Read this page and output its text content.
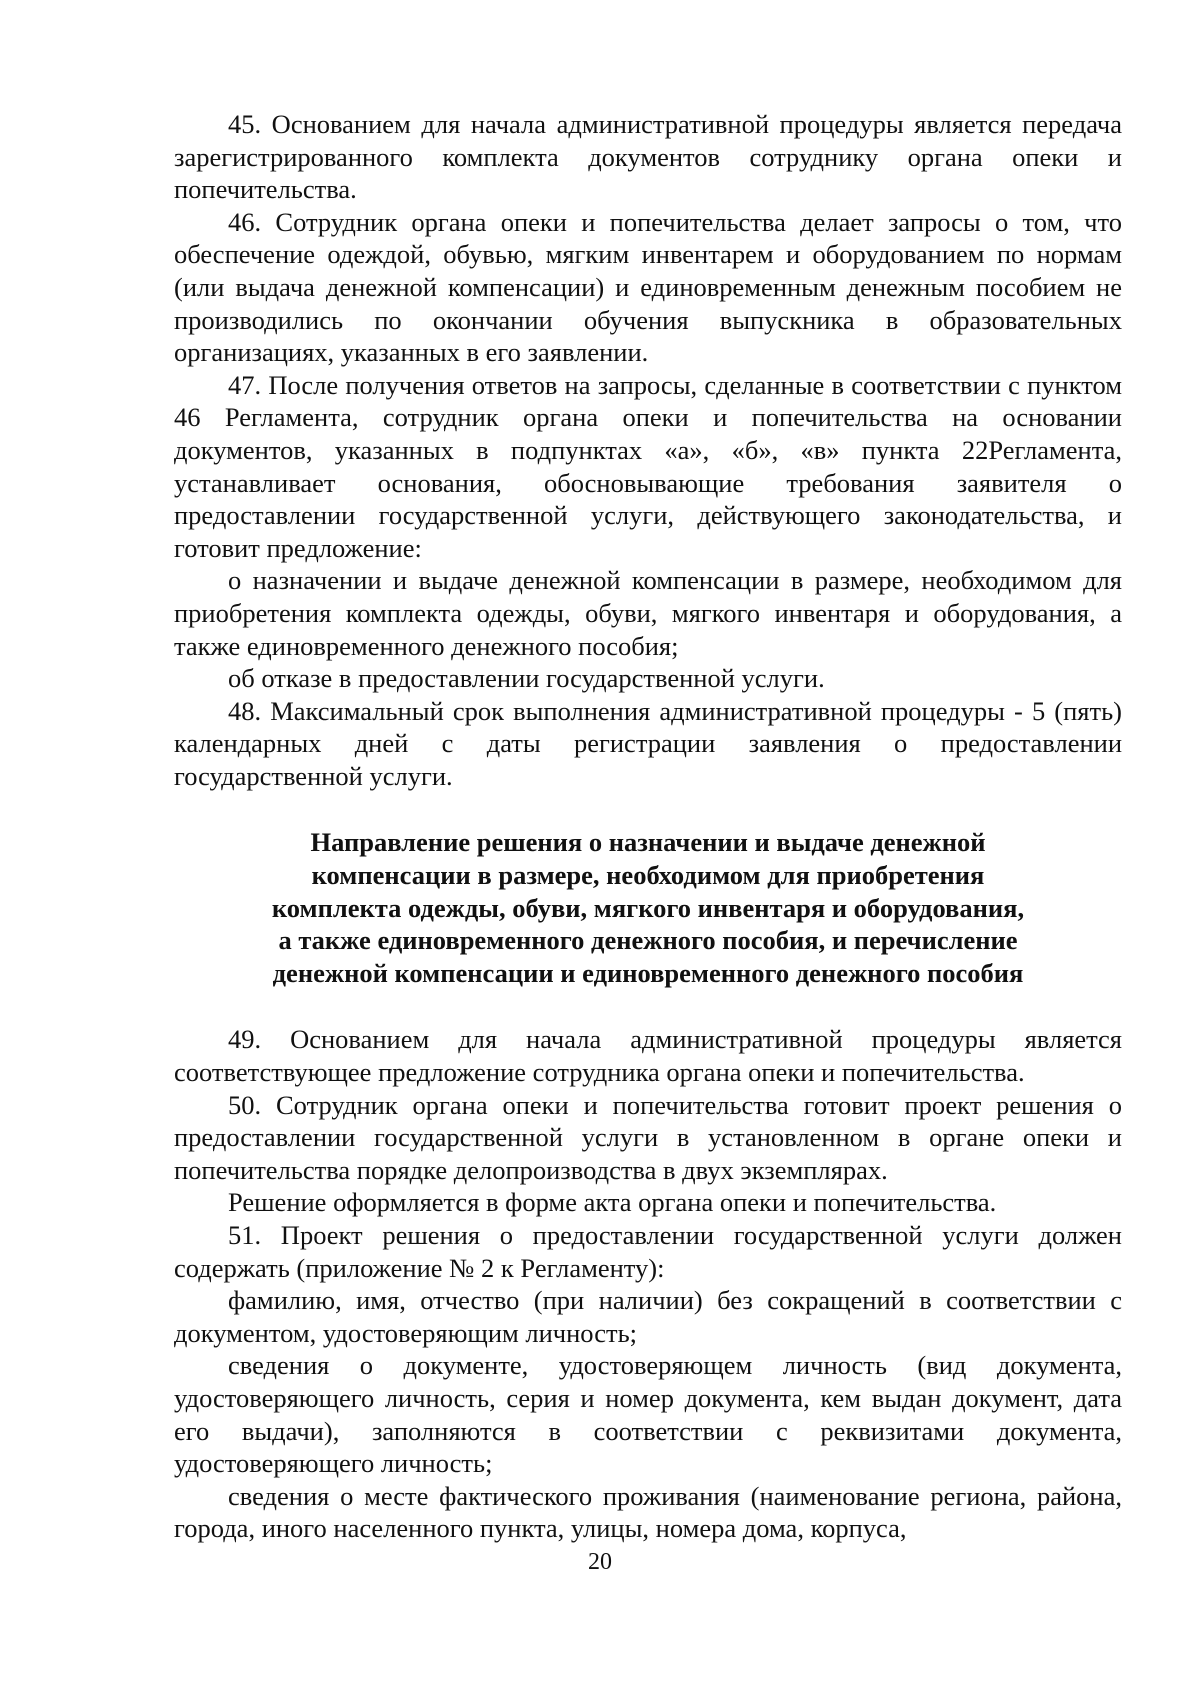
45. Основанием для начала административной процедуры является передача зарегистрированного комплекта документов сотруднику органа опеки и попечительства.

46. Сотрудник органа опеки и попечительства делает запросы о том, что обеспечение одеждой, обувью, мягким инвентарем и оборудованием по нормам (или выдача денежной компенсации) и единовременным денежным пособием не производились по окончании обучения выпускника в образовательных организациях, указанных в его заявлении.

47. После получения ответов на запросы, сделанные в соответствии с пунктом 46 Регламента, сотрудник органа опеки и попечительства на основании документов, указанных в подпунктах «а», «б», «в» пункта 22Регламента, устанавливает основания, обосновывающие требования заявителя о предоставлении государственной услуги, действующего законодательства, и готовит предложение:

о назначении и выдаче денежной компенсации в размере, необходимом для приобретения комплекта одежды, обуви, мягкого инвентаря и оборудования, а также единовременного денежного пособия;

об отказе в предоставлении государственной услуги.

48. Максимальный срок выполнения административной процедуры - 5 (пять) календарных дней с даты регистрации заявления о предоставлении государственной услуги.

Направление решения о назначении и выдаче денежной
компенсации в размере, необходимом для приобретения
комплекта одежды, обуви, мягкого инвентаря и оборудования,
а также единовременного денежного пособия, и перечисление
денежной компенсации и единовременного денежного пособия

49. Основанием для начала административной процедуры является соответствующее предложение сотрудника органа опеки и попечительства.

50. Сотрудник органа опеки и попечительства готовит проект решения о предоставлении государственной услуги в установленном в органе опеки и попечительства порядке делопроизводства в двух экземплярах.

Решение оформляется в форме акта органа опеки и попечительства.

51. Проект решения о предоставлении государственной услуги должен содержать (приложение № 2 к Регламенту):

фамилию, имя, отчество (при наличии) без сокращений в соответствии с документом, удостоверяющим личность;

сведения о документе, удостоверяющем личность (вид документа, удостоверяющего личность, серия и номер документа, кем выдан документ, дата его выдачи), заполняются в соответствии с реквизитами документа, удостоверяющего личность;

сведения о месте фактического проживания (наименование региона, района, города, иного населенного пункта, улицы, номера дома, корпуса,

20
